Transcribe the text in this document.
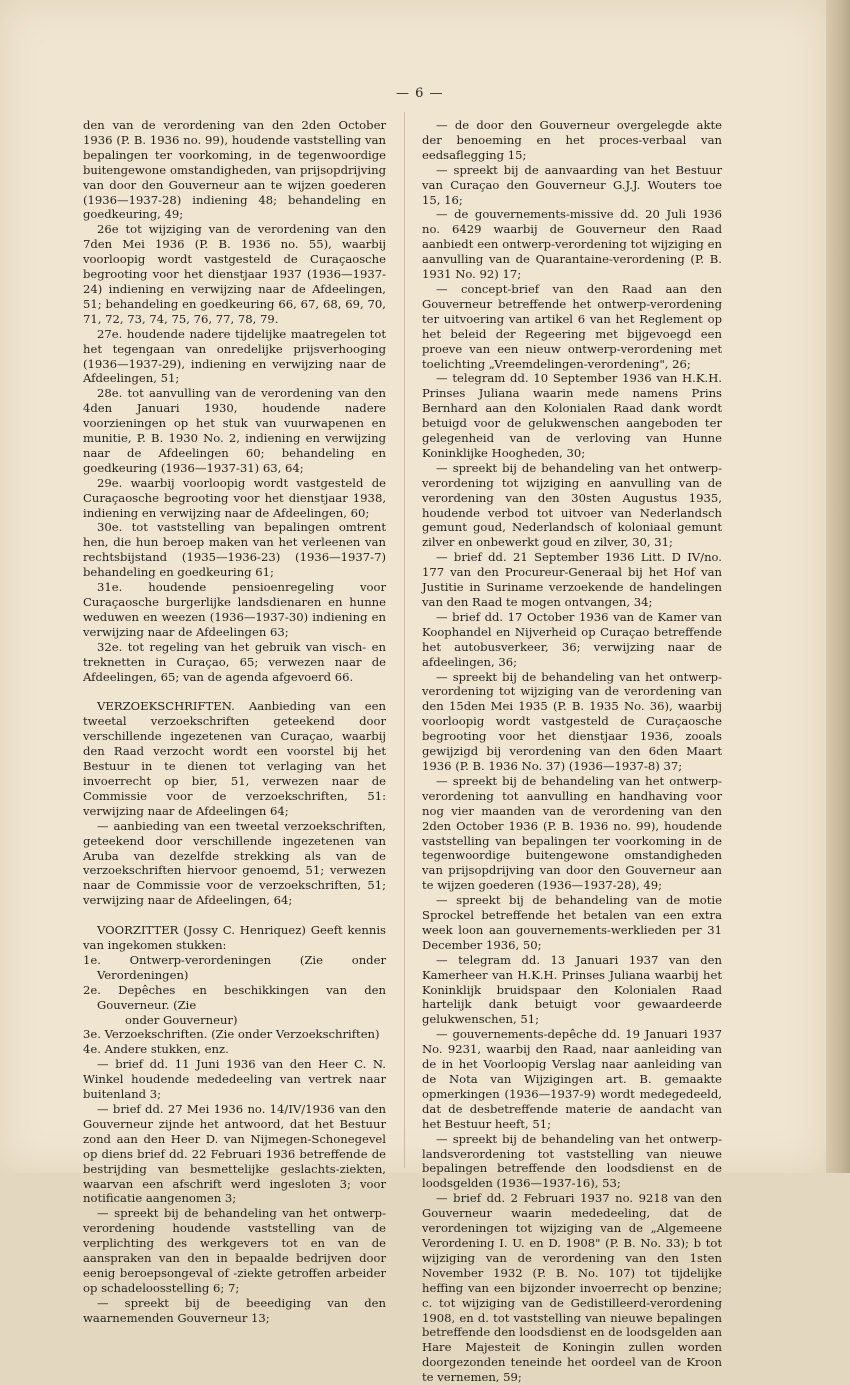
— 6 —

den van de verordening van den 2den October 1936 (P. B. 1936 no. 99), houdende vaststelling van bepalingen ter voorkoming, in de tegenwoordige buitengewone omstandigheden, van prijsopdrijving van door den Gouverneur aan te wijzen goederen (1936—1937-28) indiening 48; behandeling en goedkeuring, 49;

26e tot wijziging van de verordening van den 7den Mei 1936 (P. B. 1936 no. 55), waarbij voorloopig wordt vastgesteld de Curaçaosche begrooting voor het dienstjaar 1937 (1936—1937-24) indiening en verwijzing naar de Afdeelingen, 51; behandeling en goedkeuring 66, 67, 68, 69, 70, 71, 72, 73, 74, 75, 76, 77, 78, 79.

27e. houdende nadere tijdelijke maatregelen tot het tegengaan van onredelijke prijsverhooging (1936—1937-29), indiening en verwijzing naar de Afdeelingen, 51;

28e. tot aanvulling van de verordening van den 4den Januari 1930, houdende nadere voorzieningen op het stuk van vuurwapenen en munitie, P. B. 1930 No. 2, indiening en verwijzing naar de Afdeelingen 60; behandeling en goedkeuring (1936—1937-31) 63, 64;

29e. waarbij voorloopig wordt vastgesteld de Curaçaosche begrooting voor het dienstjaar 1938, indiening en verwijzing naar de Afdeelingen, 60;

30e. tot vaststelling van bepalingen omtrent hen, die hun beroep maken van het verleenen van rechtsbijstand (1935—1936-23) (1936—1937-7) behandeling en goedkeuring 61;

31e. houdende pensioenregeling voor Curaçaosche burgerlijke landsdienaren en hunne weduwen en weezen (1936—1937-30) indiening en verwijzing naar de Afdeelingen 63;

32e. tot regeling van het gebruik van visch- en treknetten in Curaçao, 65; verwezen naar de Afdeelingen, 65; van de agenda afgevoerd 66.

VERZOEKSCHRIFTEN. Aanbieding van een tweetal verzoekschriften geteekend door verschillende ingezetenen van Curaçao, waarbij den Raad verzocht wordt een voorstel bij het Bestuur in te dienen tot verlaging van het invoerrecht op bier, 51, verwezen naar de Commissie voor de verzoekschriften, 51: verwijzing naar de Afdeelingen 64;

— aanbieding van een tweetal verzoekschriften, geteekend door verschillende ingezetenen van Aruba van dezelfde strekking als van de verzoekschriften hiervoor genoemd, 51; verwezen naar de Commissie voor de verzoekschriften, 51; verwijzing naar de Afdeelingen, 64;

VOORZITTER (Jossy C. Henriquez) Geeft kennis van ingekomen stukken:

1e. Ontwerp-verordeningen (Zie onder Verordeningen)

2e. Depêches en beschikkingen van den Gouverneur. (Zie

onder Gouverneur)

3e. Verzoekschriften. (Zie onder Verzoekschriften)

4e. Andere stukken, enz.

— brief dd. 11 Juni 1936 van den Heer C. N. Winkel houdende mededeeling van vertrek naar buitenland 3;

— brief dd. 27 Mei 1936 no. 14/IV/1936 van den Gouverneur zijnde het antwoord, dat het Bestuur zond aan den Heer D. van Nijmegen-Schonegevel op diens brief dd. 22 Februari 1936 betreffende de bestrijding van besmettelijke geslachts-ziekten, waarvan een afschrift werd ingesloten 3; voor notificatie aangenomen 3;

— spreekt bij de behandeling van het ontwerp-verordening houdende vaststelling van de verplichting des werkgevers tot en van de aanspraken van den in bepaalde bedrijven door eenig beroepsongeval of -ziekte getroffen arbeider op schadeloosstelling 6; 7;

— spreekt bij de beeediging van den waarnemenden Gouverneur 13;

— de door den Gouverneur overgelegde akte der benoeming en het proces-verbaal van eedsaflegging 15;

— spreekt bij de aanvaarding van het Bestuur van Curaçao den Gouverneur G.J.J. Wouters toe 15, 16;

— de gouvernements-missive dd. 20 Juli 1936 no. 6429 waarbij de Gouverneur den Raad aanbiedt een ontwerp-verordening tot wijziging en aanvulling van de Quarantaine-verordening (P. B. 1931 No. 92) 17;

— concept-brief van den Raad aan den Gouverneur betreffende het ontwerp-verordening ter uitvoering van artikel 6 van het Reglement op het beleid der Regeering met bijgevoegd een proeve van een nieuw ontwerp-verordening met toelichting „Vreemdelingen-verordening", 26;

— telegram dd. 10 September 1936 van H.K.H. Prinses Juliana waarin mede namens Prins Bernhard aan den Kolonialen Raad dank wordt betuigd voor de gelukwenschen aangeboden ter gelegenheid van de verloving van Hunne Koninklijke Hoogheden, 30;

— spreekt bij de behandeling van het ontwerp-verordening tot wijziging en aanvulling van de verordening van den 30sten Augustus 1935, houdende verbod tot uitvoer van Nederlandsch gemunt goud, Nederlandsch of koloniaal gemunt zilver en onbewerkt goud en zilver, 30, 31;

— brief dd. 21 September 1936 Litt. D IV/no. 177 van den Procureur-Generaal bij het Hof van Justitie in Suriname verzoekende de handelingen van den Raad te mogen ontvangen, 34;

— brief dd. 17 October 1936 van de Kamer van Koophandel en Nijverheid op Curaçao betreffende het autobusverkeer, 36; verwijzing naar de afdeelingen, 36;

— spreekt bij de behandeling van het ontwerp-verordening tot wijziging van de verordening van den 15den Mei 1935 (P. B. 1935 No. 36), waarbij voorloopig wordt vastgesteld de Curaçaosche begrooting voor het dienstjaar 1936, zooals gewijzigd bij verordening van den 6den Maart 1936 (P. B. 1936 No. 37) (1936—1937-8) 37;

— spreekt bij de behandeling van het ontwerp-verordening tot aanvulling en handhaving voor nog vier maanden van de verordening van den 2den October 1936 (P. B. 1936 no. 99), houdende vaststelling van bepalingen ter voorkoming in de tegenwoordige buitengewone omstandigheden van prijsopdrijving van door den Gouverneur aan te wijzen goederen (1936—1937-28), 49;

— spreekt bij de behandeling van de motie Sprockel betreffende het betalen van een extra week loon aan gouvernements-werklieden per 31 December 1936, 50;

— telegram dd. 13 Januari 1937 van den Kamerheer van H.K.H. Prinses Juliana waarbij het Koninklijk bruidspaar den Kolonialen Raad hartelijk dank betuigt voor gewaardeerde gelukwenschen, 51;

— gouvernements-depêche dd. 19 Januari 1937 No. 9231, waarbij den Raad, naar aanleiding van de in het Voorloopig Verslag naar aanleiding van de Nota van Wijzigingen art. B. gemaakte opmerkingen (1936—1937-9) wordt medegedeeld, dat de desbetreffende materie de aandacht van het Bestuur heeft, 51;

— spreekt bij de behandeling van het ontwerp-landsverordening tot vaststelling van nieuwe bepalingen betreffende den loodsdienst en de loodsgelden (1936—1937-16), 53;

— brief dd. 2 Februari 1937 no. 9218 van den Gouverneur waarin mededeeling, dat de verordeningen tot wijziging van de „Algemeene Verordening I. U. en D. 1908" (P. B. No. 33); b tot wijziging van de verordening van den 1sten November 1932 (P. B. No. 107) tot tijdelijke heffing van een bijzonder invoerrecht op benzine; c. tot wijziging van de Gedistilleerd-verordening 1908, en d. tot vaststelling van nieuwe bepalingen betreffende den loodsdienst en de loodsgelden aan Hare Majesteit de Koningin zullen worden doorgezonden teneinde het oordeel van de Kroon te vernemen, 59;
